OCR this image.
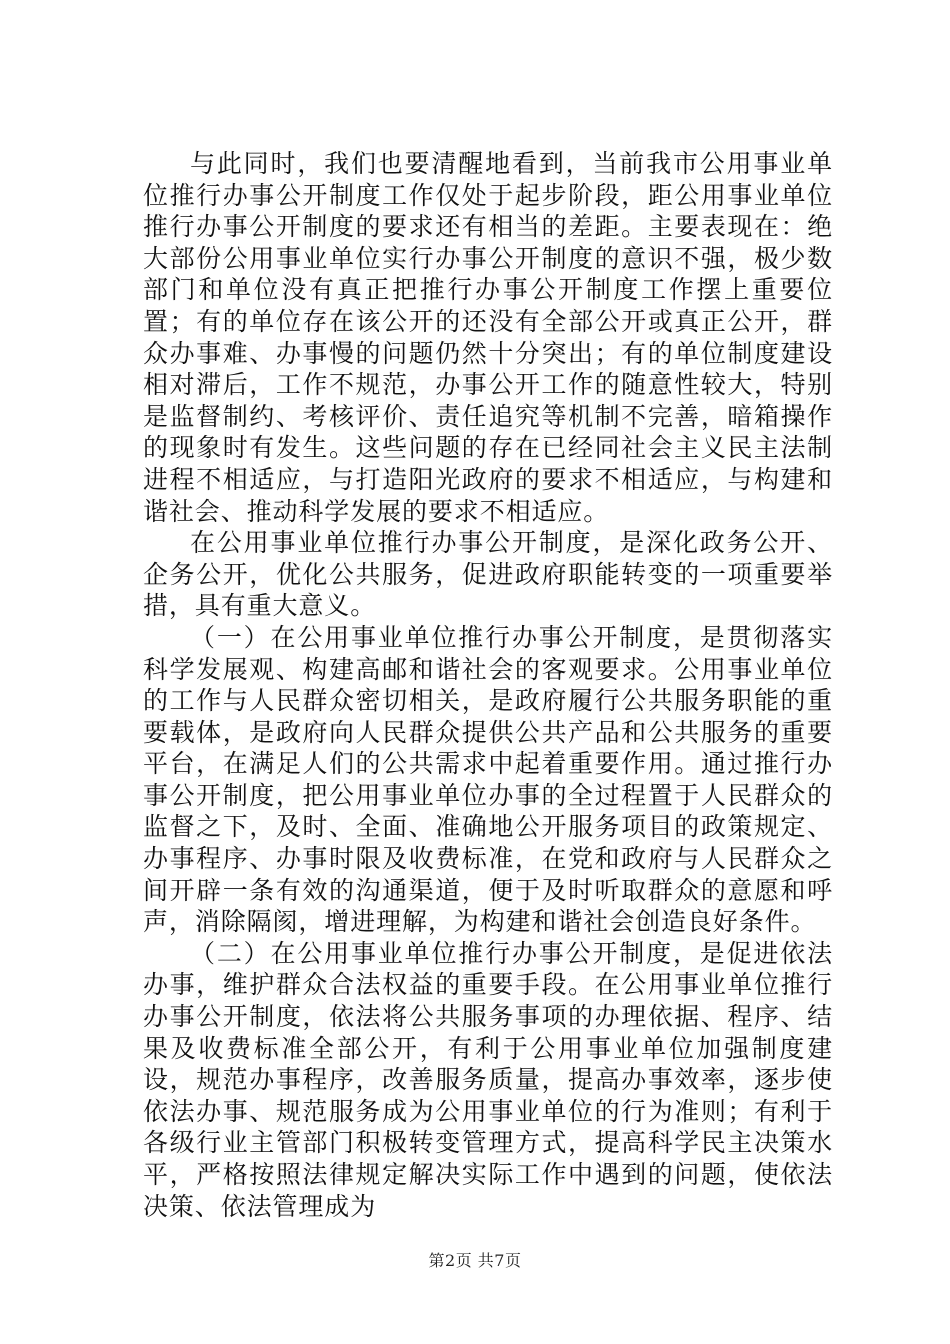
与此同时，我们也要清醒地看到，当前我市公用事业单位推行办事公开制度工作仅处于起步阶段，距公用事业单位推行办事公开制度的要求还有相当的差距。主要表现在：绝大部份公用事业单位实行办事公开制度的意识不强，极少数部门和单位没有真正把推行办事公开制度工作摆上重要位置；有的单位存在该公开的还没有全部公开或真正公开，群众办事难、办事慢的问题仍然十分突出；有的单位制度建设相对滞后，工作不规范，办事公开工作的随意性较大，特别是监督制约、考核评价、责任追究等机制不完善，暗箱操作的现象时有发生。这些问题的存在已经同社会主义民主法制进程不相适应，与打造阳光政府的要求不相适应，与构建和谐社会、推动科学发展的要求不相适应。

在公用事业单位推行办事公开制度，是深化政务公开、企务公开，优化公共服务，促进政府职能转变的一项重要举措，具有重大意义。

（一）在公用事业单位推行办事公开制度，是贯彻落实科学发展观、构建高邮和谐社会的客观要求。公用事业单位的工作与人民群众密切相关，是政府履行公共服务职能的重要载体，是政府向人民群众提供公共产品和公共服务的重要平台，在满足人们的公共需求中起着重要作用。通过推行办事公开制度，把公用事业单位办事的全过程置于人民群众的监督之下，及时、全面、准确地公开服务项目的政策规定、办事程序、办事时限及收费标准，在党和政府与人民群众之间开辟一条有效的沟通渠道，便于及时听取群众的意愿和呼声，消除隔阂，增进理解，为构建和谐社会创造良好条件。

（二）在公用事业单位推行办事公开制度，是促进依法办事，维护群众合法权益的重要手段。在公用事业单位推行办事公开制度，依法将公共服务事项的办理依据、程序、结果及收费标准全部公开，有利于公用事业单位加强制度建设，规范办事程序，改善服务质量，提高办事效率，逐步使依法办事、规范服务成为公用事业单位的行为准则；有利于各级行业主管部门积极转变管理方式，提高科学民主决策水平，严格按照法律规定解决实际工作中遇到的问题，使依法决策、依法管理成为

第2页 共7页
